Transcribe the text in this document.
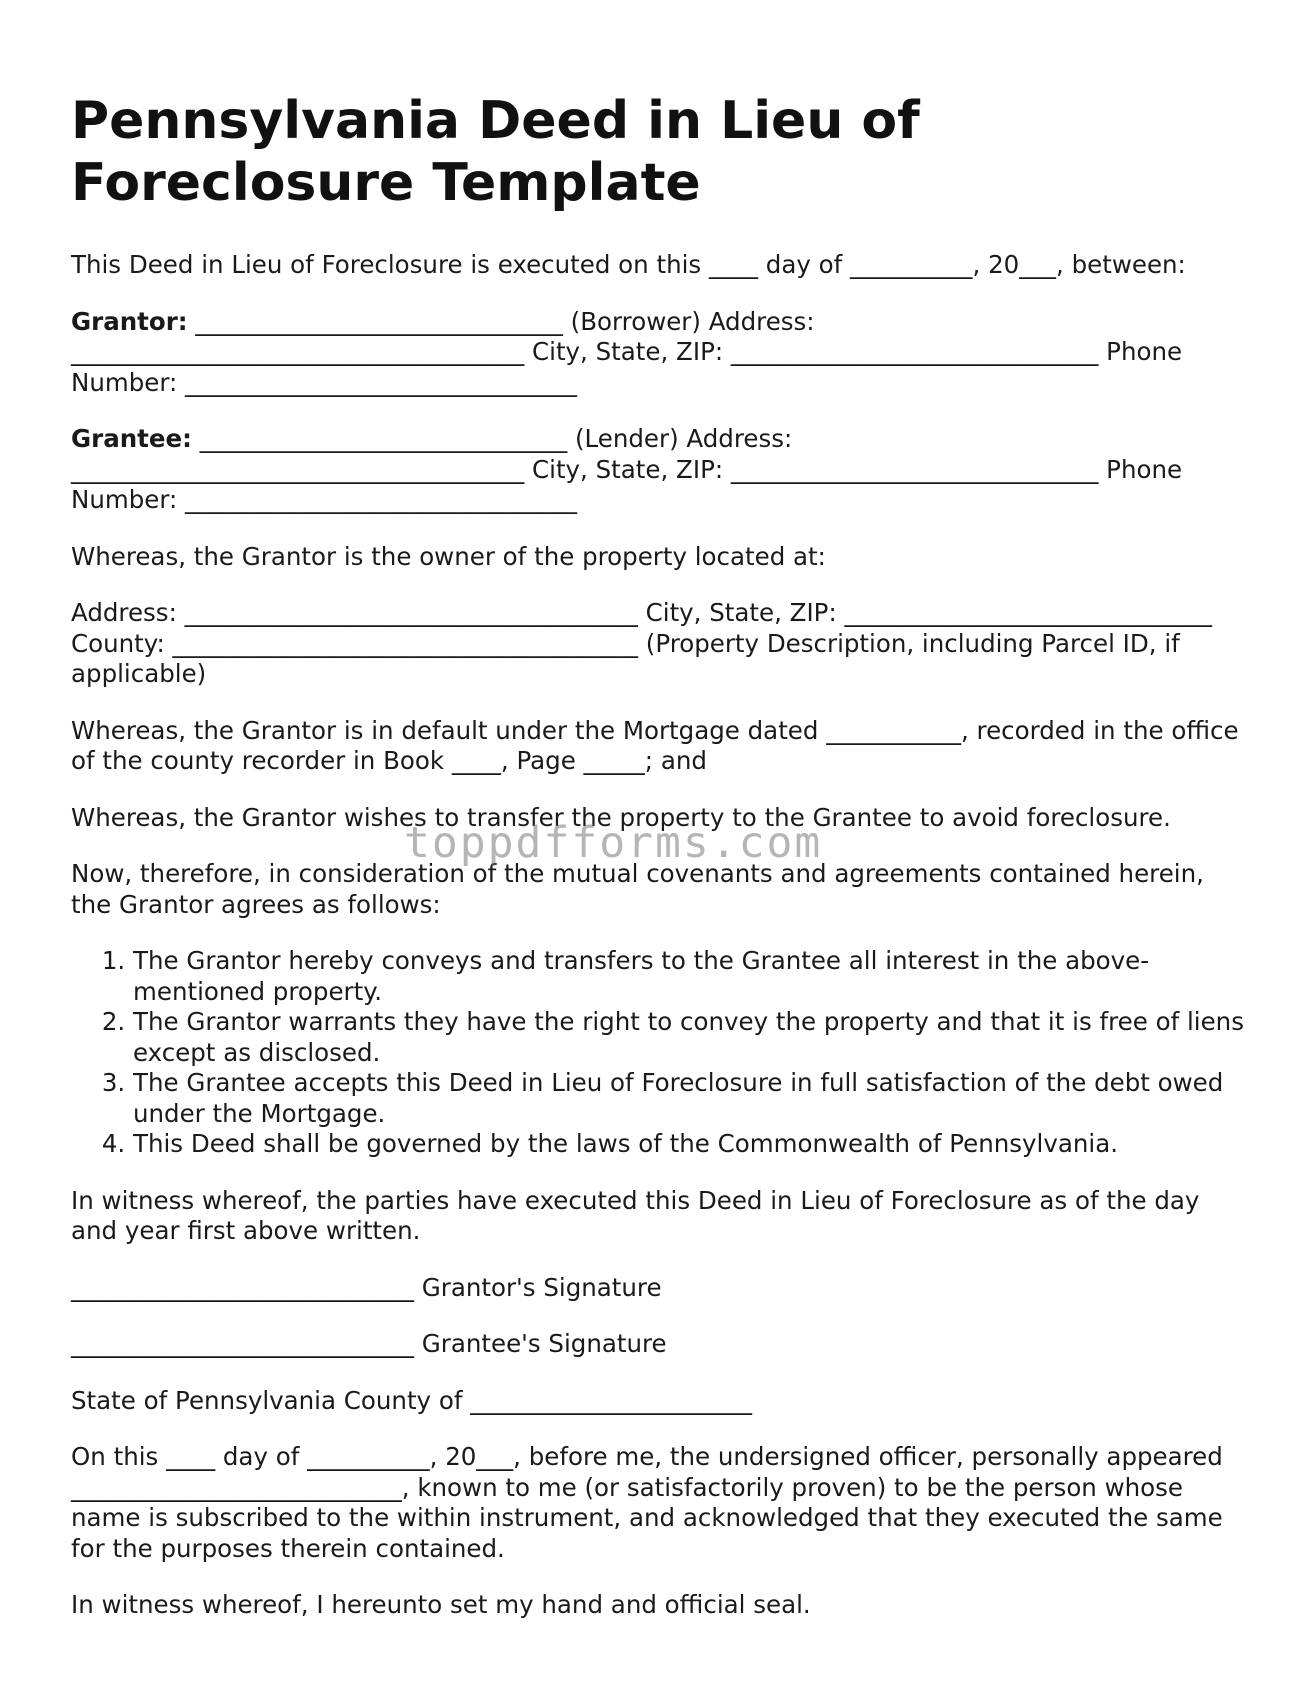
Pennsylvania Deed in Lieu of Foreclosure Template

This Deed in Lieu of Foreclosure is executed on this ____ day of __________, 20___, between:

Grantor: ______________________________ (Borrower) Address: _____________________________________ City, State, ZIP: ______________________________ Phone Number: ________________________________

Grantee: ______________________________ (Lender) Address: _____________________________________ City, State, ZIP: ______________________________ Phone Number: ________________________________

Whereas, the Grantor is the owner of the property located at:

Address: _____________________________________ City, State, ZIP: ______________________________ County: ______________________________________ (Property Description, including Parcel ID, if applicable)

Whereas, the Grantor is in default under the Mortgage dated ___________, recorded in the office of the county recorder in Book ____, Page _____; and

Whereas, the Grantor wishes to transfer the property to the Grantee to avoid foreclosure.

Now, therefore, in consideration of the mutual covenants and agreements contained herein, the Grantor agrees as follows:

1. The Grantor hereby conveys and transfers to the Grantee all interest in the above-mentioned property.
2. The Grantor warrants they have the right to convey the property and that it is free of liens except as disclosed.
3. The Grantee accepts this Deed in Lieu of Foreclosure in full satisfaction of the debt owed under the Mortgage.
4. This Deed shall be governed by the laws of the Commonwealth of Pennsylvania.

In witness whereof, the parties have executed this Deed in Lieu of Foreclosure as of the day and year first above written.

____________________________ Grantor's Signature

____________________________ Grantee's Signature

State of Pennsylvania County of _______________________

On this ____ day of __________, 20___, before me, the undersigned officer, personally appeared ___________________________, known to me (or satisfactorily proven) to be the person whose name is subscribed to the within instrument, and acknowledged that they executed the same for the purposes therein contained.

In witness whereof, I hereunto set my hand and official seal.

toppdfforms.com
